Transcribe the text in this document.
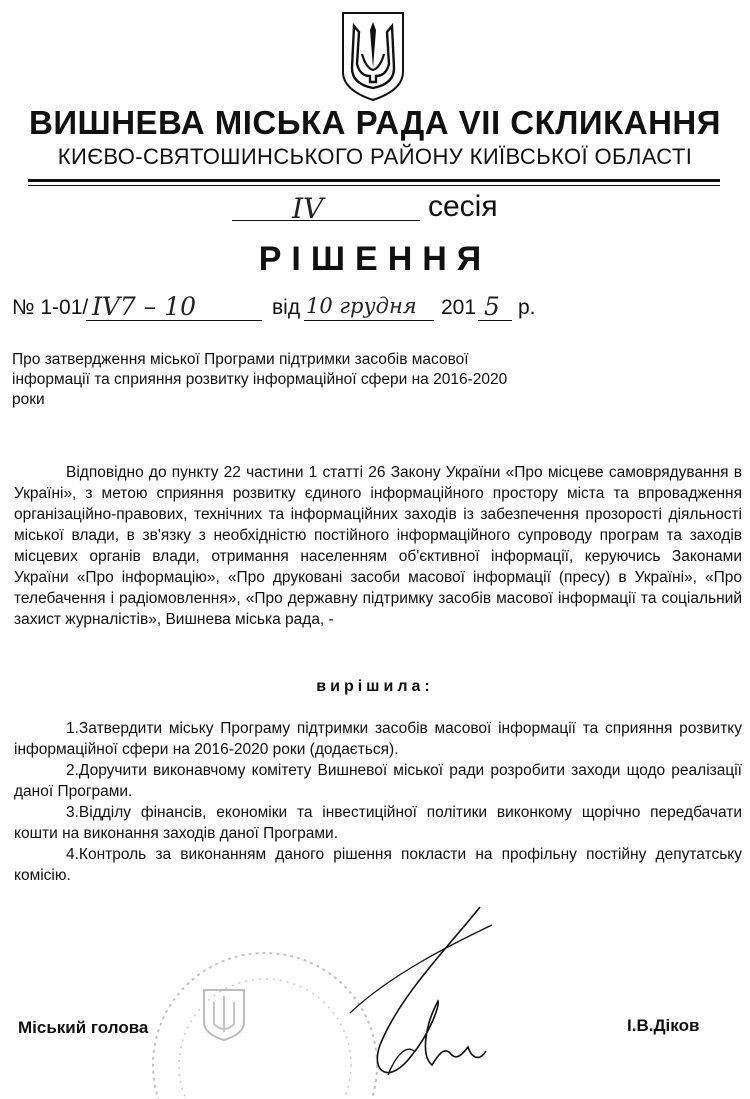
ВИШНЕВА МІСЬКА РАДА VII СКЛИКАННЯ
КИЄВО-СВЯТОШИНСЬКОГО РАЙОНУ КИЇВСЬКОЇ ОБЛАСТІ
IV	сесія
РІШЕННЯ
№ 1-01/ IV7 – 10	від 10 грудня 201 5 р.
Про затвердження міської Програми підтримки засобів масової інформації та сприяння розвитку інформаційної сфери на 2016-2020 роки
Відповідно до пункту 22 частини 1 статті 26 Закону України «Про місцеве самоврядування в Україні», з метою сприяння розвитку єдиного інформаційного простору міста та впровадження організаційно-правових, технічних та інформаційних заходів із забезпечення прозорості діяльності міської влади, в зв'язку з необхідністю постійного інформаційного супроводу програм та заходів місцевих органів влади, отримання населенням об'єктивної інформації, керуючись Законами України «Про інформацію», «Про друковані засоби масової інформації (пресу) в Україні», «Про телебачення і радіомовлення», «Про державну підтримку засобів масової інформації та соціальний захист журналістів», Вишнева міська рада, -
вирішила:

1.Затвердити міську Програму підтримки засобів масової інформації та сприяння розвитку інформаційної сфери на 2016-2020 роки (додається).

2.Доручити виконавчому комітету Вишневої міської ради розробити заходи щодо реалізації даної Програми.

3.Відділу фінансів, економіки та інвестиційної політики виконкому щорічно передбачати кошти на виконання заходів даної Програми.

4.Контроль за виконанням даного рішення покласти на профільну постійну депутатську комісію.

Міський голова	І.В.Діков
